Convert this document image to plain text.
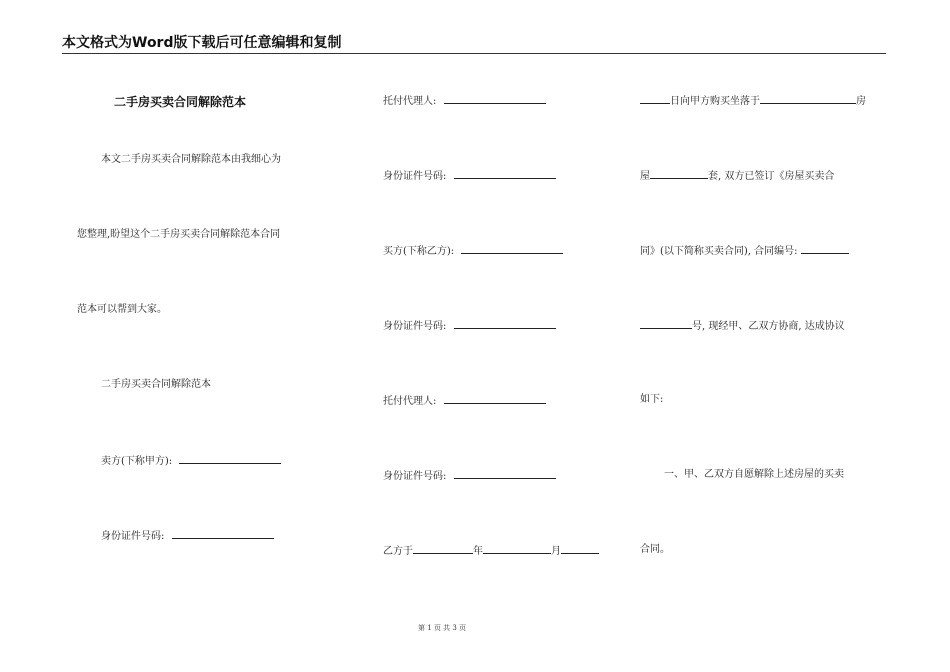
本文格式为Word版下载后可任意编辑和复制
二手房买卖合同解除范本
本文二手房买卖合同解除范本由我细心为
您整理,盼望这个二手房买卖合同解除范本合同
范本可以帮到大家。
二手房买卖合同解除范本
卖方(下称甲方):
身份证件号码:
托付代理人:
身份证件号码:
买方(下称乙方):
身份证件号码:
托付代理人:
身份证件号码:
乙方于	年	月
日向甲方购买坐落于	房
屋	套, 双方已签订《房屋买卖合
同》(以下简称买卖合同), 合同编号:
号, 现经甲、乙双方协商, 达成协议
如下:
一、甲、乙双方自愿解除上述房屋的买卖
合同。
第 1 页 共 3 页
